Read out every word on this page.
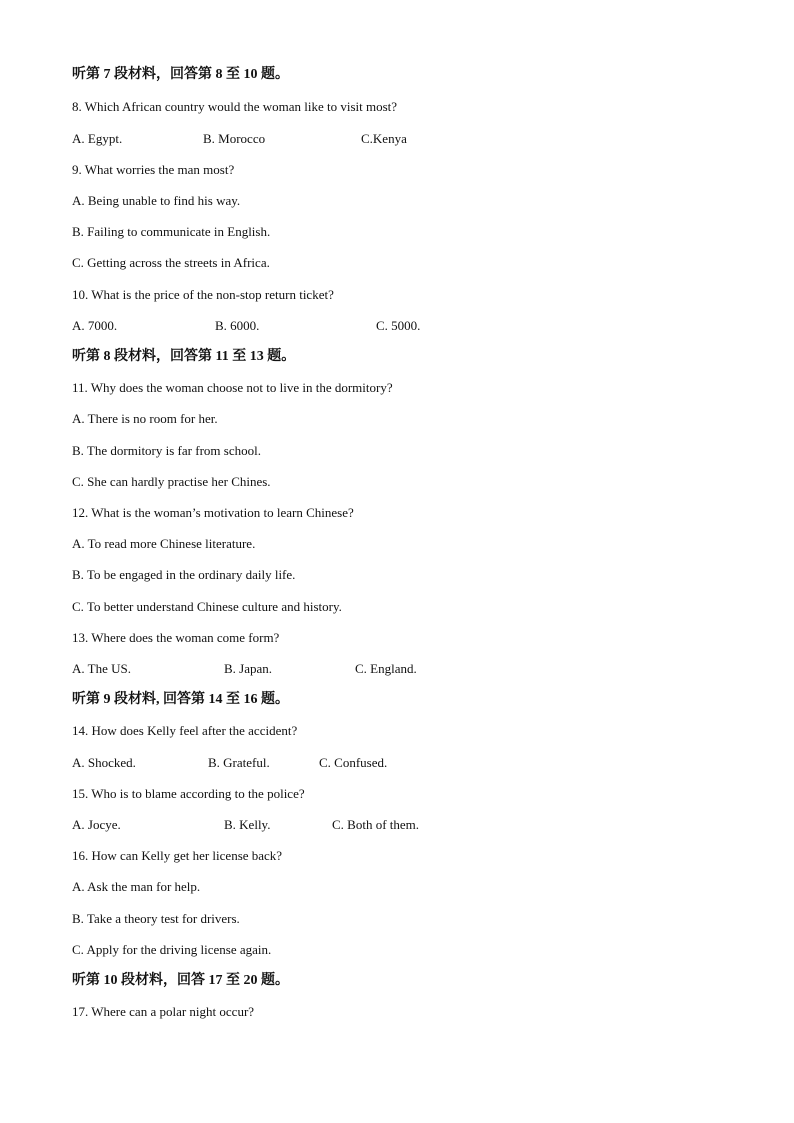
听第 7 段材料，回答第 8 至 10 题。
8. Which African country would the woman like to visit most?
A. Egypt.	B. Morocco	C.Kenya
9. What worries the man most?
A. Being unable to find his way.
B. Failing to communicate in English.
C. Getting across the streets in Africa.
10. What is the price of the non-stop return ticket?
A. 7000.	B. 6000.	C. 5000.
听第 8 段材料，回答第 11 至 13 题。
11. Why does the woman choose not to live in the dormitory?
A. There is no room for her.
B. The dormitory is far from school.
C. She can hardly practise her Chines.
12. What is the woman’s motivation to learn Chinese?
A. To read more Chinese literature.
B. To be engaged in the ordinary daily life.
C. To better understand Chinese culture and history.
13. Where does the woman come form?
A. The US.	B. Japan.	C. England.
听第 9 段材料, 回答第 14 至 16 题。
14. How does Kelly feel after the accident?
A. Shocked.	B. Grateful.	C. Confused.
15. Who is to blame according to the police?
A. Jocye.	B. Kelly.	C. Both of them.
16. How can Kelly get her license back?
A. Ask the man for help.
B. Take a theory test for drivers.
C. Apply for the driving license again.
听第 10 段材料，回答 17 至 20 题。
17. Where can a polar night occur?
